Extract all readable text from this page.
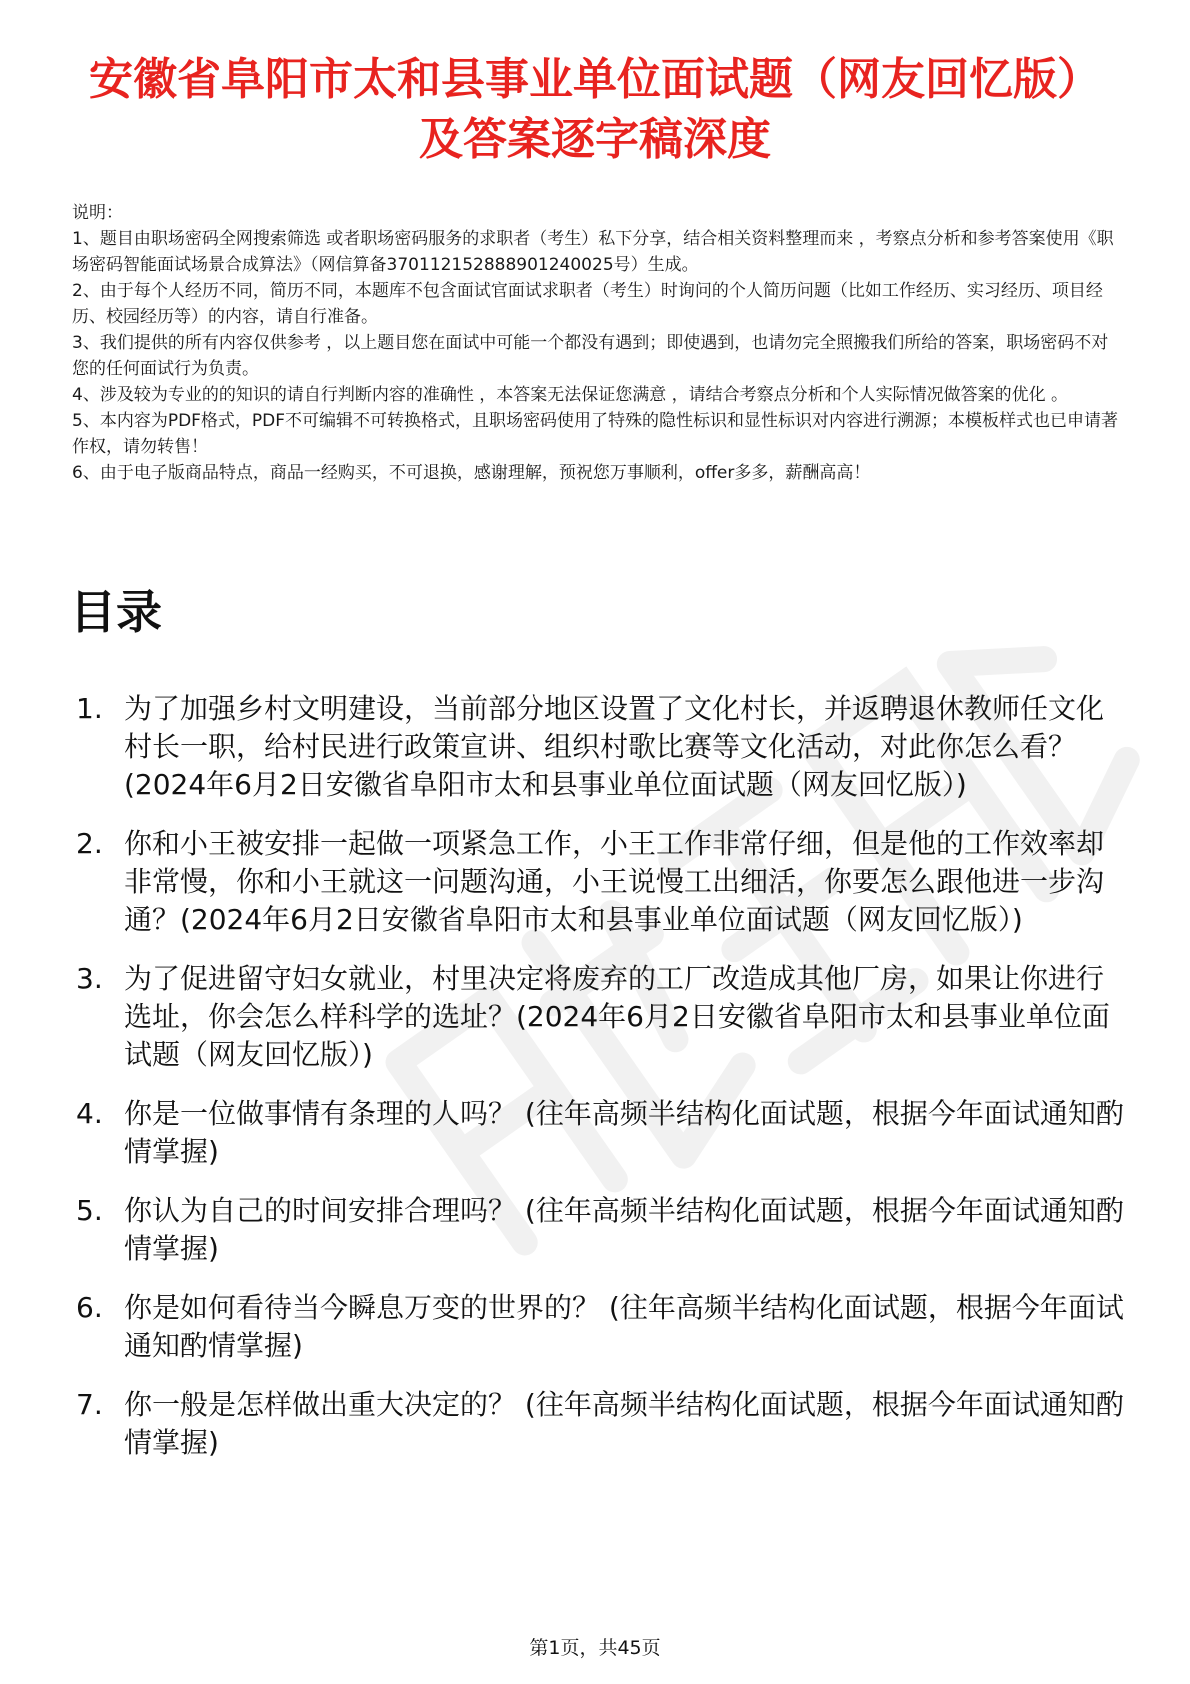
安徽省阜阳市太和县事业单位面试题（网友回忆版）及答案逐字稿深度

说明：

1、题目由职场密码全网搜索筛选 或者职场密码服务的求职者（考生）私下分享，结合相关资料整理而来 ，考察点分析和参考答案使用《职场密码智能面试场景合成算法》（网信算备37011215288890124002​5号）生成。

2、由于每个人经历不同，简历不同，本题库不包含面试官面试求职者（考生）时询问的个人简历问题（比如工作经历、实习经历、项目经历、校园经历等）的内容，请自行准备。

3、我们提供的所有内容仅供参考 ，以上题目您在面试中可能一个都没有遇到；即使遇到，也请勿完全照搬我们所给的答案，职场密码不对您的任何面试行为负责。

4、涉及较为专业的的知识的请自行判断内容的准确性 ，本答案无法保证您满意 ，请结合考察点分析和个人实际情况做答案的优化 。

5、本内容为PDF格式，PDF不可编辑不可转换格式，且职场密码使用了特殊的隐性标识和显性标识对内容进行溯源；本模板样式也已申请著作权，请勿转售！

6、由于电子版商品特点，商品一经购买，不可退换，感谢理解，预祝您万事顺利，offer多多，薪酬高高！

目录
1. 为了加强乡村文明建设，当前部分地区设置了文化村长，并返聘退休教师任文化村长一职，给村民进行政策宣讲、组织村歌比赛等文化活动，对此你怎么看？(2024年6月2日安徽省阜阳市太和县事业单位面试题（网友回忆版）)
2. 你和小王被安排一起做一项紧急工作，小王工作非常仔细，但是他的工作效率却非常慢，你和小王就这一问题沟通，小王说慢工出细活，你要怎么跟他进一步沟通？(2024年6月2日安徽省阜阳市太和县事业单位面试题（网友回忆版）)
3. 为了促进留守妇女就业，村里决定将废弃的工厂改造成其他厂房，如果让你进行选址，你会怎么样科学的选址？(2024年6月2日安徽省阜阳市太和县事业单位面试题（网友回忆版）)
4. 你是一位做事情有条理的人吗？ (往年高频半结构化面试题，根据今年面试通知酌情掌握)
5. 你认为自己的时间安排合理吗？ (往年高频半结构化面试题，根据今年面试通知酌情掌握)
6. 你是如何看待当今瞬息万变的世界的？ (往年高频半结构化面试题，根据今年面试通知酌情掌握)
7. 你一般是怎样做出重大决定的？ (往年高频半结构化面试题，根据今年面试通知酌情掌握)
第1页，共45页
